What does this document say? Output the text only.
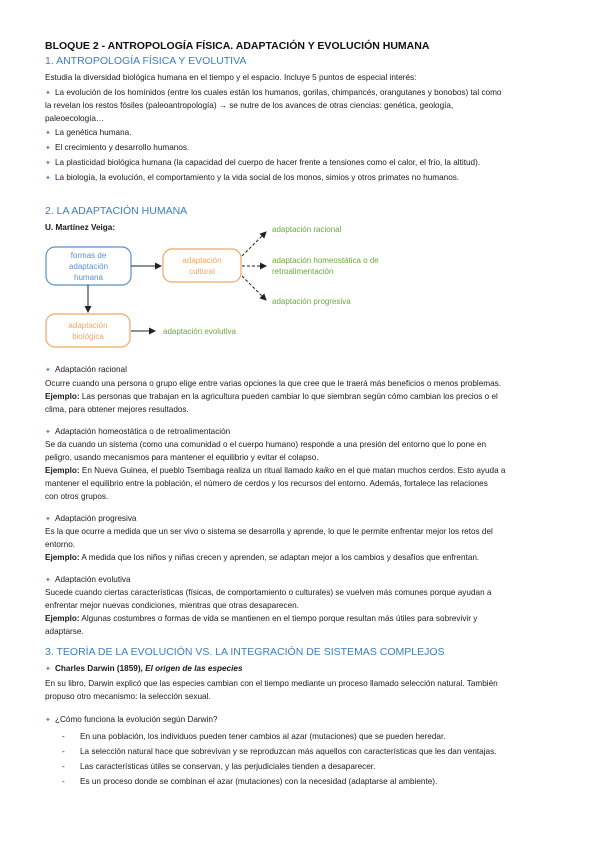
BLOQUE 2 - ANTROPOLOGÍA FÍSICA. ADAPTACIÓN Y EVOLUCIÓN HUMANA
1. ANTROPOLOGÍA FÍSICA Y EVOLUTIVA
Estudia la diversidad biológica humana en el tiempo y el espacio. Incluye 5 puntos de especial interés:
✦ La evolución de los homínidos (entre los cuales están los humanos, gorilas, chimpancés, orangutanes y bonobos) tal como
la revelan los restos fósiles (paleoantropología) → se nutre de los avances de otras ciencias: genética, geología,
paleoecología…
✦ La genética humana.
✦ El crecimiento y desarrollo humanos.
✦ La plasticidad biológica humana (la capacidad del cuerpo de hacer frente a tensiones como el calor, el frío, la altitud).
✦ La biología, la evolución, el comportamiento y la vida social de los monos, simios y otros primates no humanos.
2. LA ADAPTACIÓN HUMANA
U. Martínez Veiga:
formas de
adaptación
humana
adaptación
cultural
adaptación
biológica
adaptación racional
adaptación homeostática o de
retroalimentación
adaptación progresiva
adaptación evolutiva
✦ Adaptación racional
Ocurre cuando una persona o grupo elige entre varias opciones la que cree que le traerá más beneficios o menos problemas.
Ejemplo: Las personas que trabajan en la agricultura pueden cambiar lo que siembran según cómo cambian los precios o el
clima, para obtener mejores resultados.
✦ Adaptación homeostática o de retroalimentación
Se da cuando un sistema (como una comunidad o el cuerpo humano) responde a una presión del entorno que lo pone en
peligro, usando mecanismos para mantener el equilibrio y evitar el colapso.
Ejemplo: En Nueva Guinea, el pueblo Tsembaga realiza un ritual llamado kaiko en el que matan muchos cerdos. Esto ayuda a
mantener el equilibrio entre la población, el número de cerdos y los recursos del entorno. Además, fortalece las relaciones
con otros grupos.
✦ Adaptación progresiva
Es la que ocurre a medida que un ser vivo o sistema se desarrolla y aprende, lo que le permite enfrentar mejor los retos del
entorno.
Ejemplo: A medida que los niños y niñas crecen y aprenden, se adaptan mejor a los cambios y desafíos que enfrentan.
✦ Adaptación evolutiva
Sucede cuando ciertas características (físicas, de comportamiento o culturales) se vuelven más comunes porque ayudan a
enfrentar mejor nuevas condiciones, mientras que otras desaparecen.
Ejemplo: Algunas costumbres o formas de vida se mantienen en el tiempo porque resultan más útiles para sobrevivir y
adaptarse.
3. TEORÍA DE LA EVOLUCIÓN VS. LA INTEGRACIÓN DE SISTEMAS COMPLEJOS
✦ Charles Darwin (1859), El origen de las especies
En su libro, Darwin explicó que las especies cambian con el tiempo mediante un proceso llamado selección natural. También
propuso otro mecanismo: la selección sexual.
✦ ¿Cómo funciona la evolución según Darwin?
- En una población, los individuos pueden tener cambios al azar (mutaciones) que se pueden heredar.
- La selección natural hace que sobrevivan y se reproduzcan más aquellos con características que les dan ventajas.
- Las características útiles se conservan, y las perjudiciales tienden a desaparecer.
- Es un proceso donde se combinan el azar (mutaciones) con la necesidad (adaptarse al ambiente).
